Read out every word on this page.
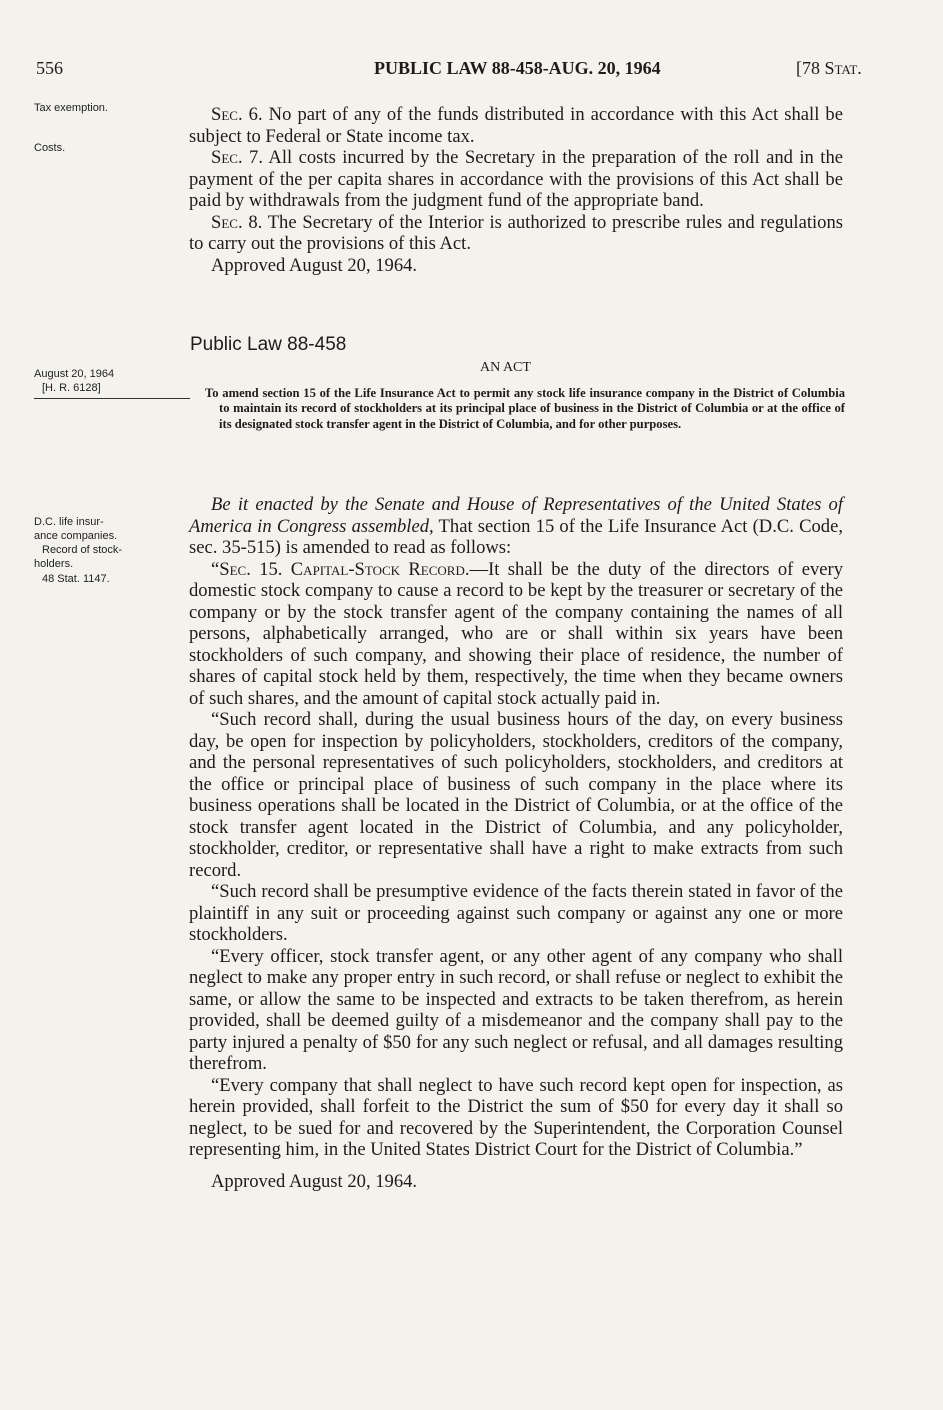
556	PUBLIC LAW 88-458-AUG. 20, 1964	[78 Stat.
Tax exemption.
Costs.
August 20, 1964
[H. R. 6128]
D.C. life insur-
ance companies.
Record of stock-
holders.
48 Stat. 1147.

Sec. 6. No part of any of the funds distributed in accordance with this Act shall be subject to Federal or State income tax.

Sec. 7. All costs incurred by the Secretary in the preparation of the roll and in the payment of the per capita shares in accordance with the provisions of this Act shall be paid by withdrawals from the judgment fund of the appropriate band.

Sec. 8. The Secretary of the Interior is authorized to prescribe rules and regulations to carry out the provisions of this Act.

Approved August 20, 1964.

Public Law 88-458
AN ACT
To amend section 15 of the Life Insurance Act to permit any stock life insurance company in the District of Columbia to maintain its record of stockholders at its principal place of business in the District of Columbia or at the office of its designated stock transfer agent in the District of Columbia, and for other purposes.

Be it enacted by the Senate and House of Representatives of the United States of America in Congress assembled, That section 15 of the Life Insurance Act (D.C. Code, sec. 35-515) is amended to read as follows:

“Sec. 15. Capital-Stock Record.—It shall be the duty of the directors of every domestic stock company to cause a record to be kept by the treasurer or secretary of the company or by the stock transfer agent of the company containing the names of all persons, alphabetically arranged, who are or shall within six years have been stockholders of such company, and showing their place of residence, the number of shares of capital stock held by them, respectively, the time when they became owners of such shares, and the amount of capital stock actually paid in.

“Such record shall, during the usual business hours of the day, on every business day, be open for inspection by policyholders, stockholders, creditors of the company, and the personal representatives of such policyholders, stockholders, and creditors at the office or principal place of business of such company in the place where its business operations shall be located in the District of Columbia, or at the office of the stock transfer agent located in the District of Columbia, and any policyholder, stockholder, creditor, or representative shall have a right to make extracts from such record.

“Such record shall be presumptive evidence of the facts therein stated in favor of the plaintiff in any suit or proceeding against such company or against any one or more stockholders.

“Every officer, stock transfer agent, or any other agent of any company who shall neglect to make any proper entry in such record, or shall refuse or neglect to exhibit the same, or allow the same to be inspected and extracts to be taken therefrom, as herein provided, shall be deemed guilty of a misdemeanor and the company shall pay to the party injured a penalty of $50 for any such neglect or refusal, and all damages resulting therefrom.

“Every company that shall neglect to have such record kept open for inspection, as herein provided, shall forfeit to the District the sum of $50 for every day it shall so neglect, to be sued for and recovered by the Superintendent, the Corporation Counsel representing him, in the United States District Court for the District of Columbia.”

Approved August 20, 1964.
